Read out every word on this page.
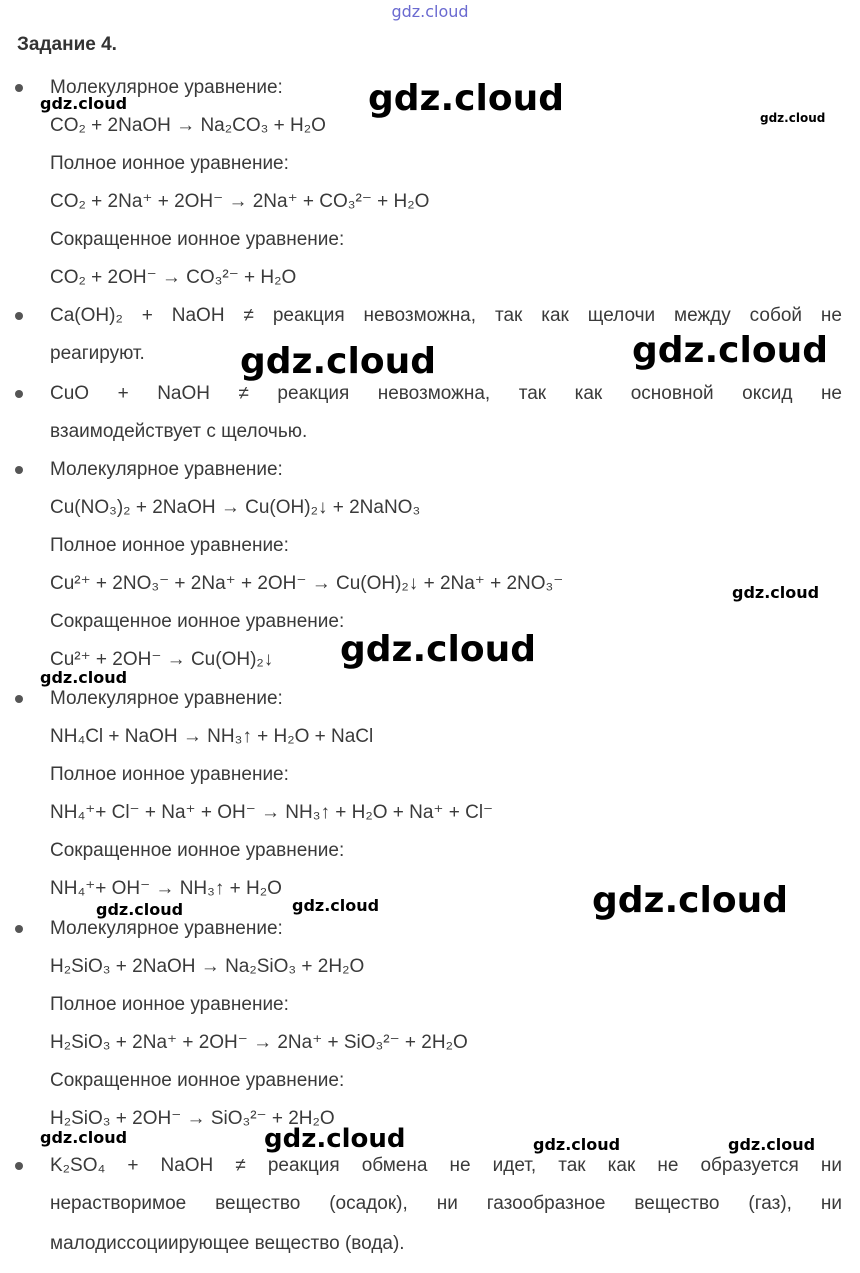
gdz.cloud
Задание 4.
Молекулярное уравнение:
CO₂ + 2NaOH → Na₂CO₃ + H₂O
Полное ионное уравнение:
CO₂ + 2Na⁺ + 2OH⁻ → 2Na⁺ + CO₃²⁻ + H₂O
Сокращенное ионное уравнение:
CO₂ + 2OH⁻ → CO₃²⁻ + H₂O
Ca(OH)₂ + NaOH ≠ реакция невозможна, так как щелочи между собой не
реагируют.
CuO + NaOH ≠ реакция невозможна, так как основной оксид не
взаимодействует с щелочью.
Молекулярное уравнение:
Cu(NO₃)₂ + 2NaOH → Cu(OH)₂↓ + 2NaNO₃
Полное ионное уравнение:
Cu²⁺ + 2NO₃⁻ + 2Na⁺ + 2OH⁻ → Cu(OH)₂↓ + 2Na⁺ + 2NO₃⁻
Сокращенное ионное уравнение:
Cu²⁺ + 2OH⁻ → Cu(OH)₂↓
Молекулярное уравнение:
NH₄Cl + NaOH → NH₃↑ + H₂O + NaCl
Полное ионное уравнение:
NH₄⁺+ Cl⁻ + Na⁺ + OH⁻ → NH₃↑ + H₂O + Na⁺ + Cl⁻
Сокращенное ионное уравнение:
NH₄⁺+ OH⁻ → NH₃↑ + H₂O
Молекулярное уравнение:
H₂SiO₃ + 2NaOH → Na₂SiO₃ + 2H₂O
Полное ионное уравнение:
H₂SiO₃ + 2Na⁺ + 2OH⁻ → 2Na⁺ + SiO₃²⁻ + 2H₂O
Сокращенное ионное уравнение:
H₂SiO₃ + 2OH⁻ → SiO₃²⁻ + 2H₂O
K₂SO₄ + NaOH ≠ реакция обмена не идет, так как не образуется ни
нерастворимое вещество (осадок), ни газообразное вещество (газ), ни
малодиссоциирующее вещество (вода).
gdz.cloud	gdz.cloud	gdz.cloud
gdz.cloud	gdz.cloud
gdz.cloud
gdz.cloud
gdz.cloud
gdz.cloud	gdz.cloud	gdz.cloud
gdz.cloud	gdz.cloud	gdz.cloud	gdz.cloud
